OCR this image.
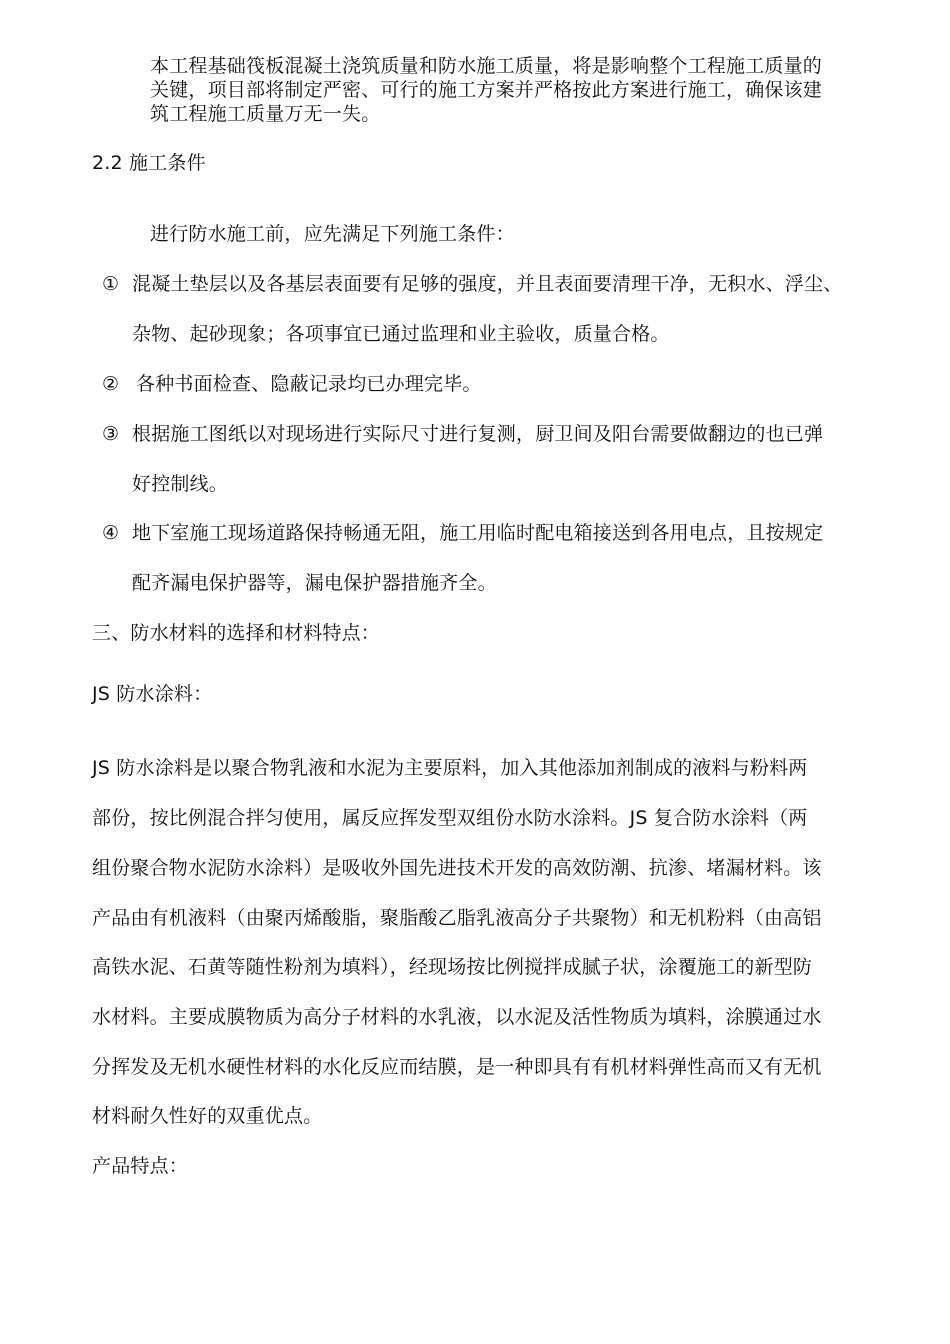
本工程基础筏板混凝土浇筑质量和防水施工质量，将是影响整个工程施工质量的
关键，项目部将制定严密、可行的施工方案并严格按此方案进行施工，确保该建
筑工程施工质量万无一失。
2.2 施工条件
进行防水施工前，应先满足下列施工条件：
① 混凝土垫层以及各基层表面要有足够的强度，并且表面要清理干净，无积水、浮尘、
杂物、起砂现象；各项事宜已通过监理和业主验收，质量合格。
② 各种书面检查、隐蔽记录均已办理完毕。
③ 根据施工图纸以对现场进行实际尺寸进行复测，厨卫间及阳台需要做翻边的也已弹
好控制线。
④ 地下室施工现场道路保持畅通无阻，施工用临时配电箱接送到各用电点，且按规定
配齐漏电保护器等，漏电保护器措施齐全。
三、防水材料的选择和材料特点：
JS 防水涂料：
JS 防水涂料是以聚合物乳液和水泥为主要原料，加入其他添加剂制成的液料与粉料两
部份，按比例混合拌匀使用，属反应挥发型双组份水防水涂料。JS 复合防水涂料（两
组份聚合物水泥防水涂料）是吸收外国先进技术开发的高效防潮、抗渗、堵漏材料。该
产品由有机液料（由聚丙烯酸脂，聚脂酸乙脂乳液高分子共聚物）和无机粉料（由高铝
高铁水泥、石黄等随性粉剂为填料），经现场按比例搅拌成腻子状，涂覆施工的新型防
水材料。主要成膜物质为高分子材料的水乳液，以水泥及活性物质为填料，涂膜通过水
分挥发及无机水硬性材料的水化反应而结膜，是一种即具有有机材料弹性高而又有无机
材料耐久性好的双重优点。
产品特点：
